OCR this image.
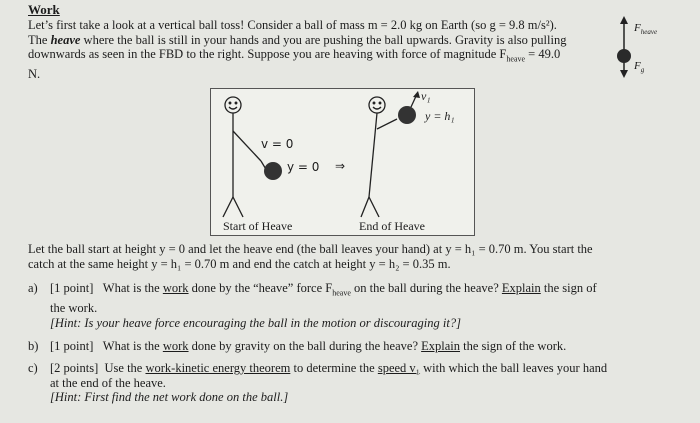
Work
Let’s first take a look at a vertical ball toss! Consider a ball of mass m = 2.0 kg on Earth (so g = 9.8 m/s²).
The heave where the ball is still in your hands and you are pushing the ball upwards. Gravity is also pulling
downwards as seen in the FBD to the right. Suppose you are heaving with force of magnitude $F_{heave} = 49.0$
N.
$F_{heave}$
$F_g$
v = 0
y = 0 ⇒
v₁
y = h₁
Start of Heave	End of Heave
Let the ball start at height y = 0 and let the heave end (the ball leaves your hand) at y = h₁ = 0.70 m. You start the
catch at the same height y = h₁ = 0.70 m and end the catch at height y = h₂ = 0.35 m.
a) [1 point] What is the work done by the “heave” force $F_{heave}$ on the ball during the heave? Explain the sign of
the work.
[Hint: Is your heave force encouraging the ball in the motion or discouraging it?]
b) [1 point] What is the work done by gravity on the ball during the heave? Explain the sign of the work.
c) [2 points] Use the work-kinetic energy theorem to determine the speed v₁ with which the ball leaves your hand
at the end of the heave.
[Hint: First find the net work done on the ball.]
